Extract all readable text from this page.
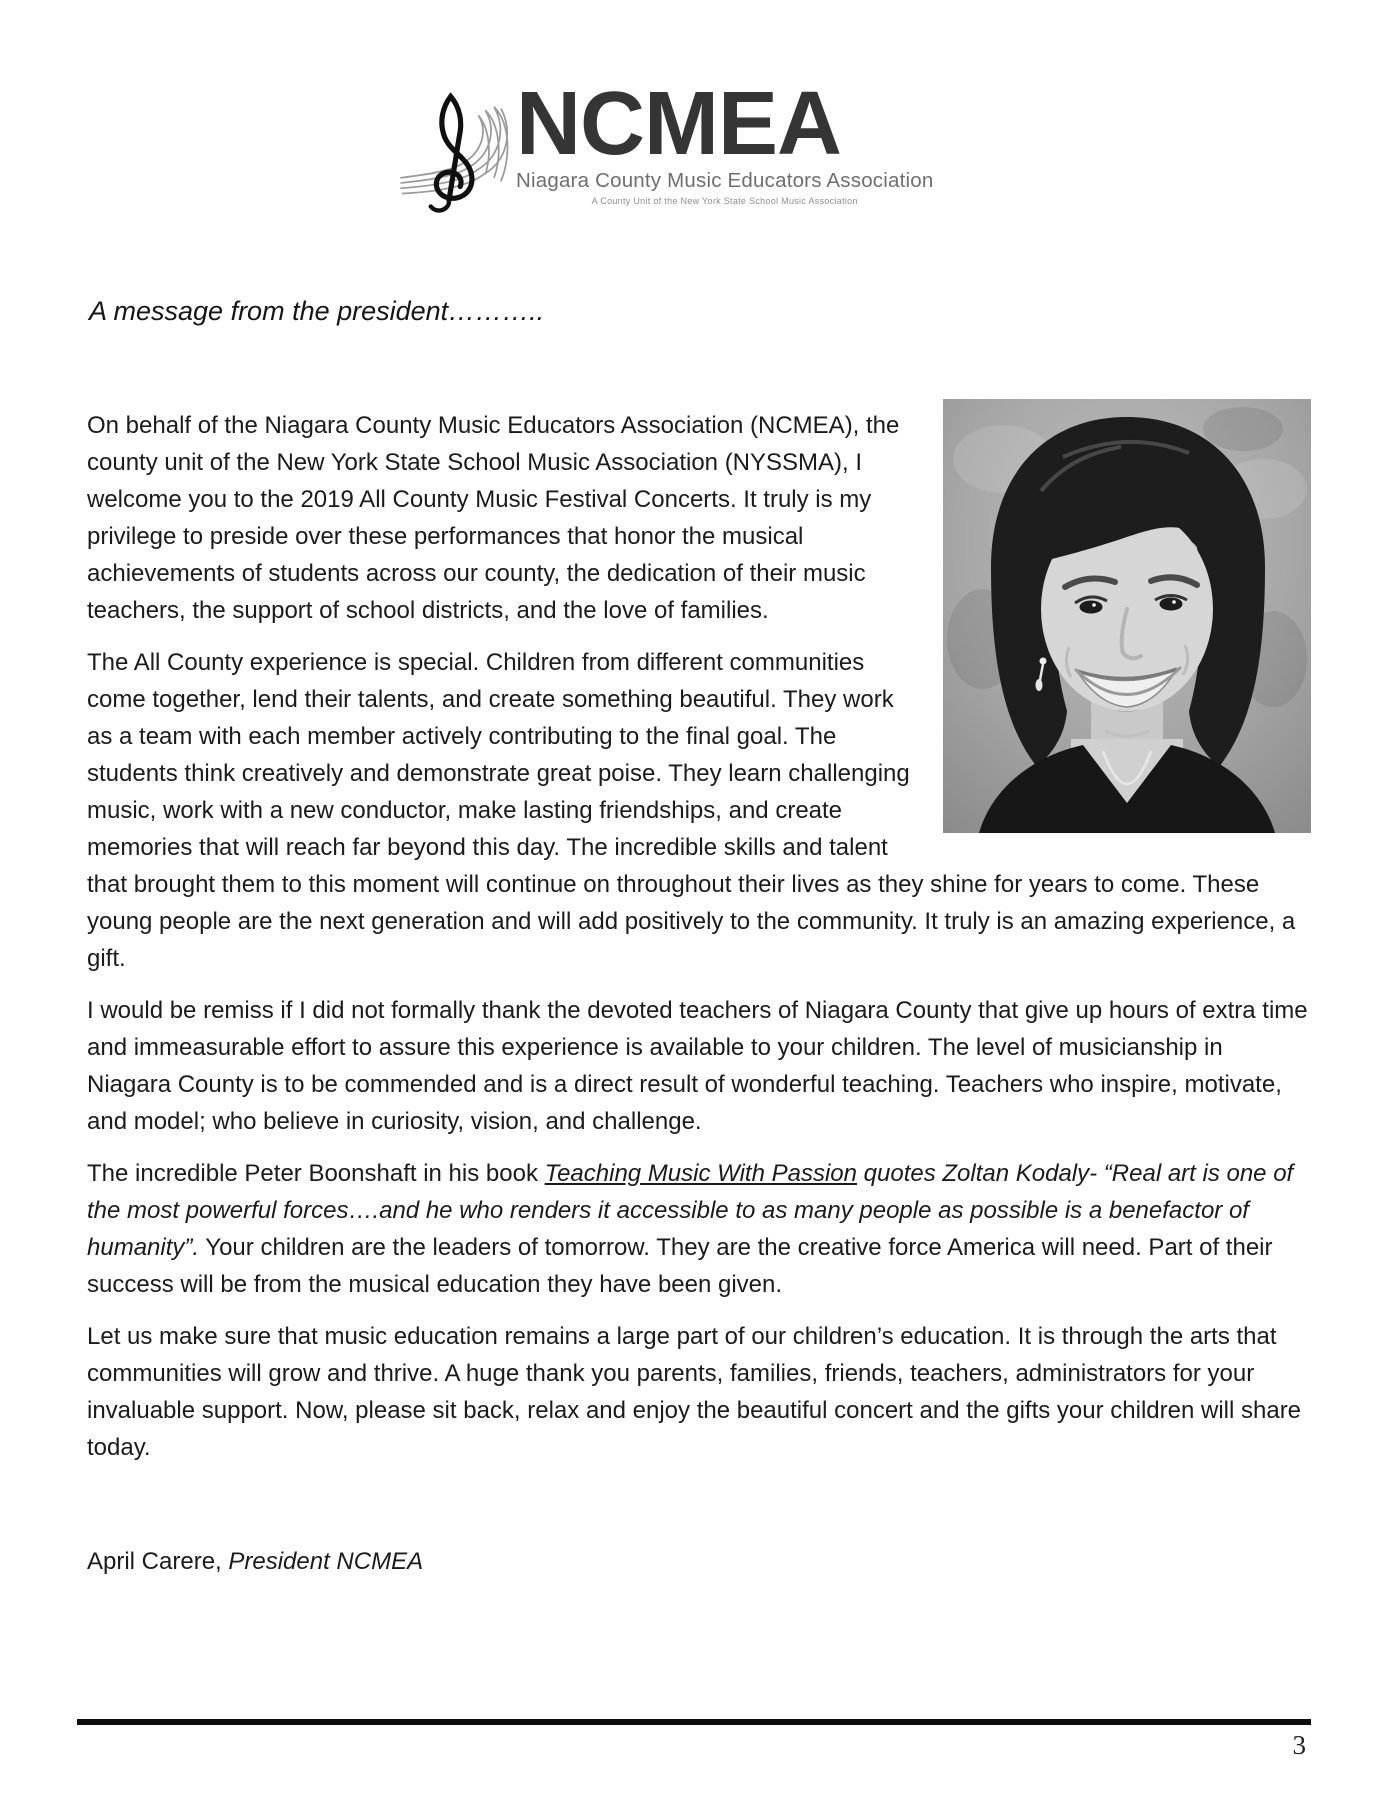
NCMEA
Niagara County Music Educators Association
A County Unit of the New York State School Music Association

A message from the president………..

On behalf of the Niagara County Music Educators Association (NCMEA), the county unit of the New York State School Music Association (NYSSMA), I welcome you to the 2019 All County Music Festival Concerts. It truly is my privilege to preside over these performances that honor the musical achievements of students across our county, the dedication of their music teachers, the support of school districts, and the love of families.

The All County experience is special. Children from different communities come together, lend their talents, and create something beautiful. They work as a team with each member actively contributing to the final goal. The students think creatively and demonstrate great poise. They learn challenging music, work with a new conductor, make lasting friendships, and create memories that will reach far beyond this day. The incredible skills and talent that brought them to this moment will continue on throughout their lives as they shine for years to come. These young people are the next generation and will add positively to the community. It truly is an amazing experience, a gift.

I would be remiss if I did not formally thank the devoted teachers of Niagara County that give up hours of extra time and immeasurable effort to assure this experience is available to your children. The level of musicianship in Niagara County is to be commended and is a direct result of wonderful teaching. Teachers who inspire, motivate, and model; who believe in curiosity, vision, and challenge.

The incredible Peter Boonshaft in his book Teaching Music With Passion quotes Zoltan Kodaly- “Real art is one of the most powerful forces….and he who renders it accessible to as many people as possible is a benefactor of humanity”. Your children are the leaders of tomorrow. They are the creative force America will need. Part of their success will be from the musical education they have been given.

Let us make sure that music education remains a large part of our children’s education. It is through the arts that communities will grow and thrive. A huge thank you parents, families, friends, teachers, administrators for your invaluable support. Now, please sit back, relax and enjoy the beautiful concert and the gifts your children will share today.

April Carere, President NCMEA

3
